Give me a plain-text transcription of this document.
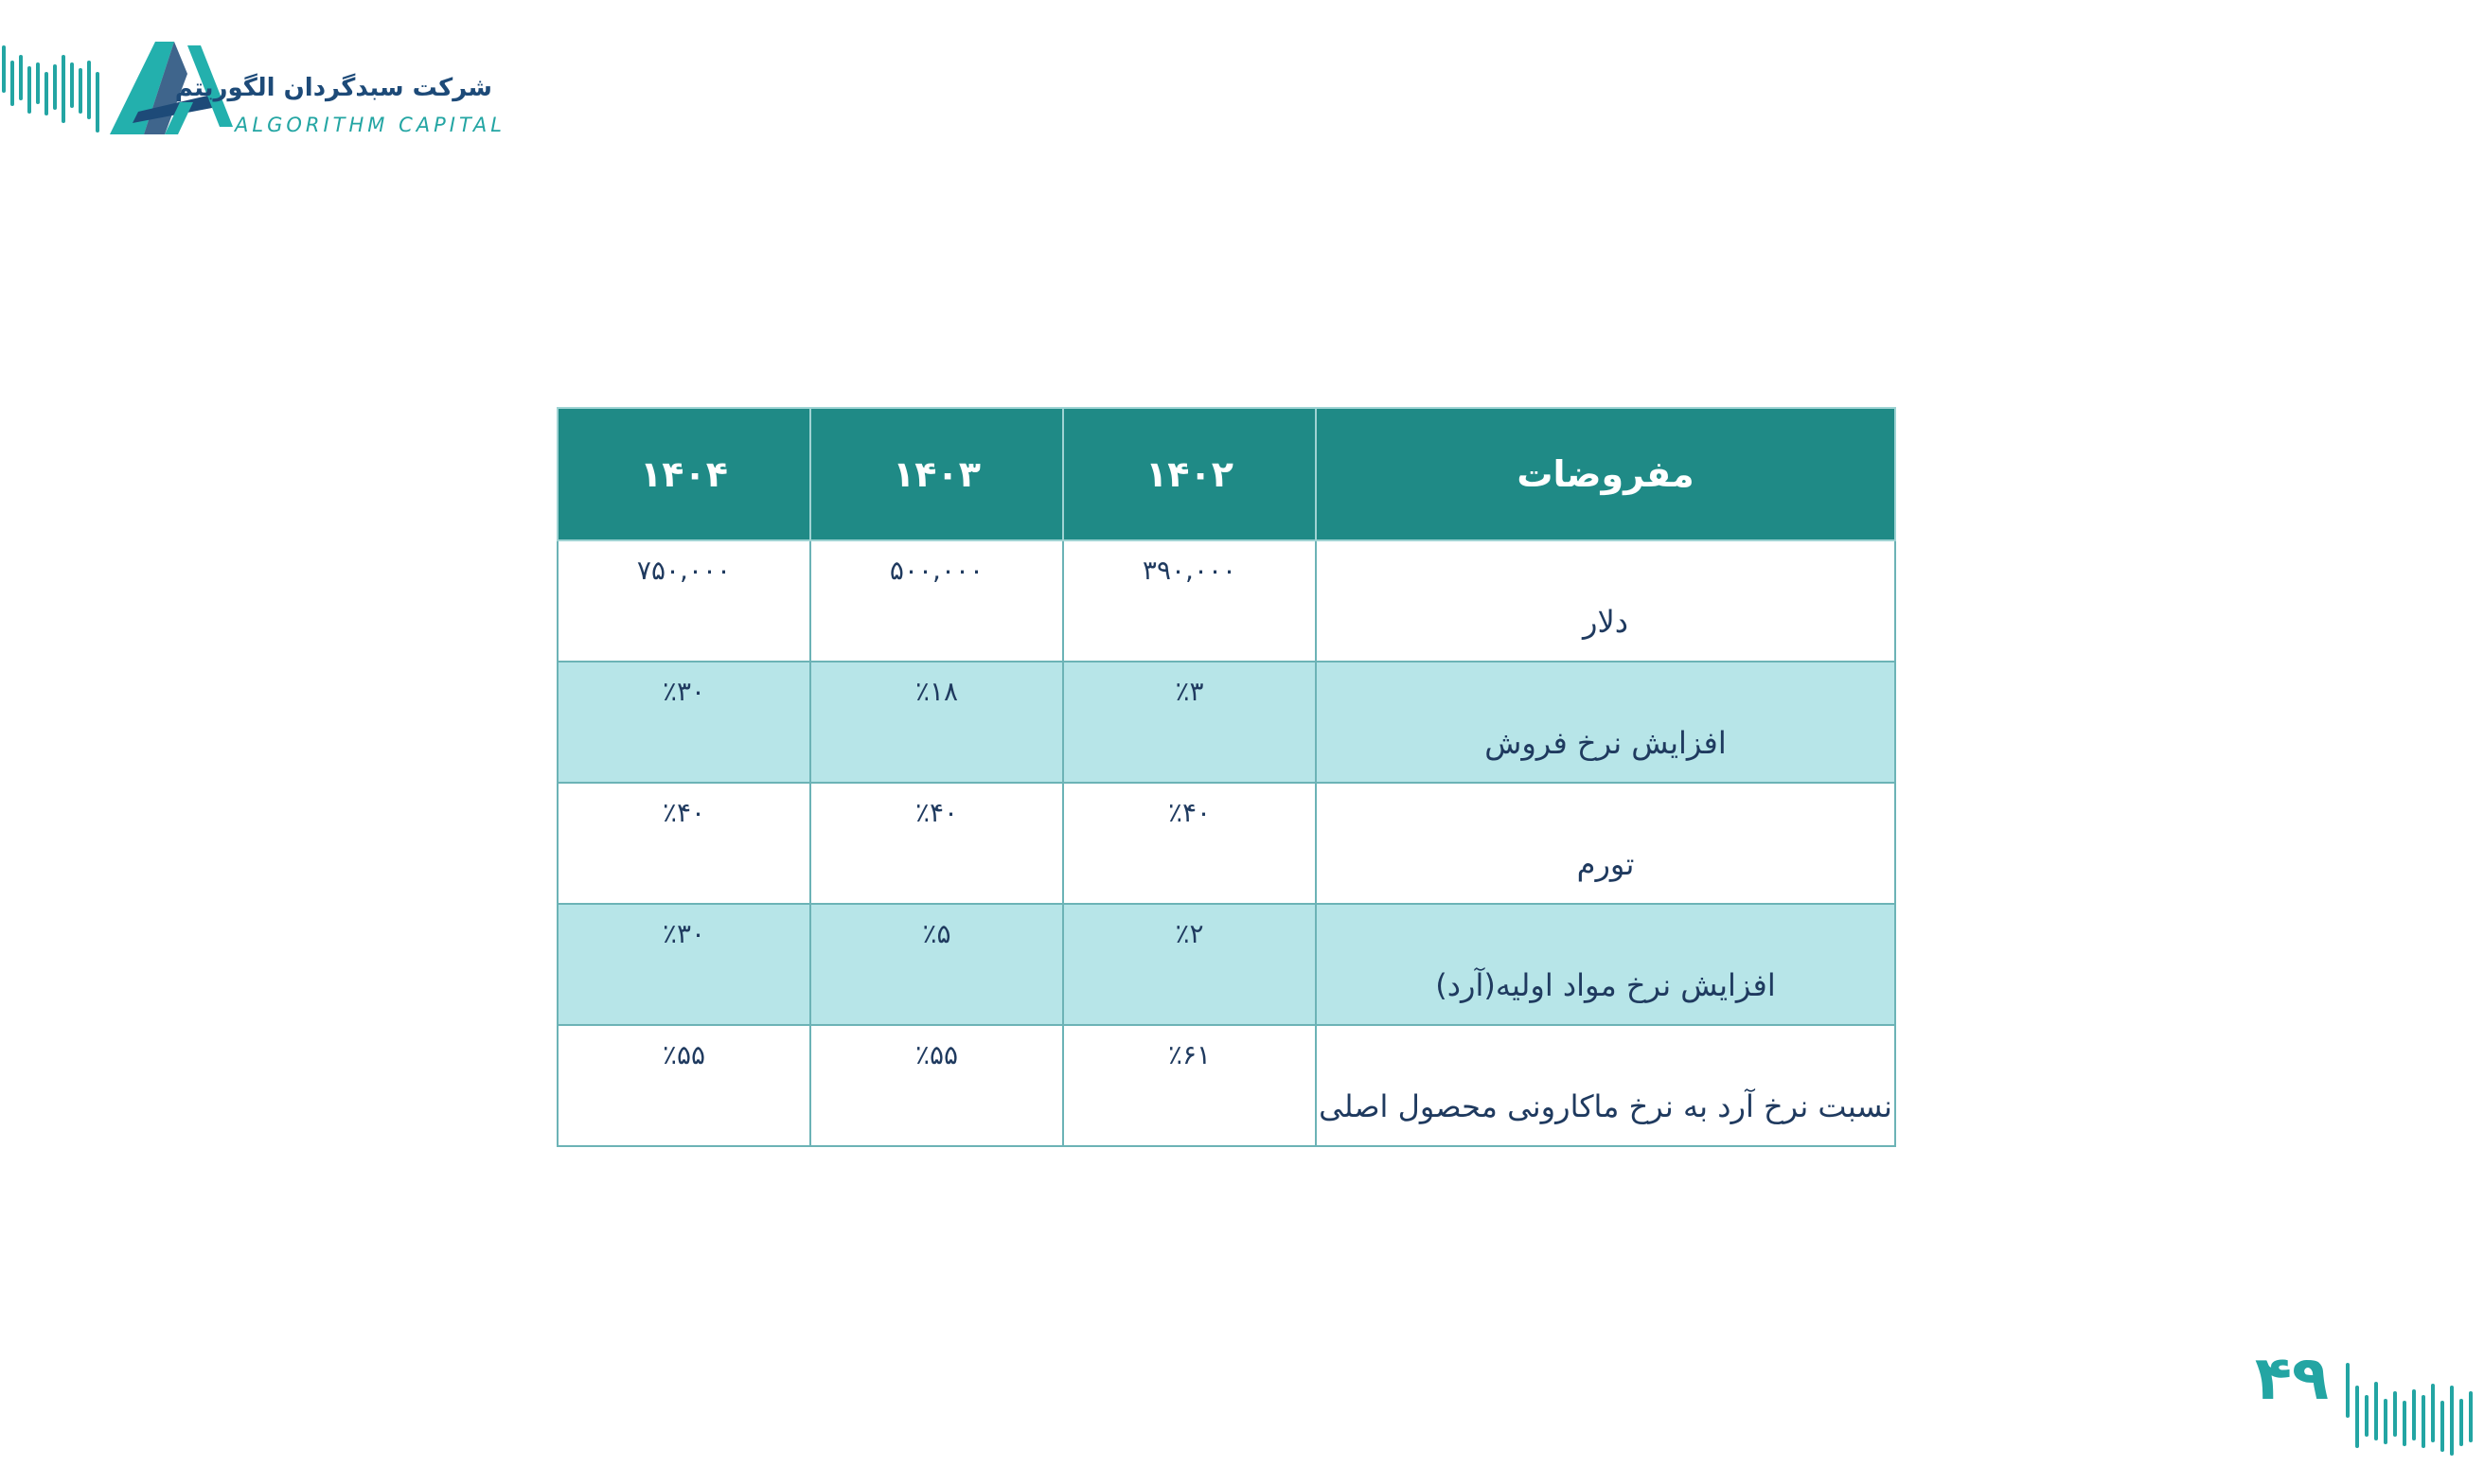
شرکت سبدگردان الگوریتم
ALGORITHM CAPITAL
مفروضات	۱۴۰۲	۱۴۰۳	۱۴۰۴
دلار	۳۹۰,۰۰۰	۵۰۰,۰۰۰	۷۵۰,۰۰۰
افزایش نرخ فروش	٪۳	٪۱۸	٪۳۰
تورم	٪۴۰	٪۴۰	٪۴۰
افزایش نرخ مواد اولیه(آرد)	٪۲	٪۵	٪۳۰
نسبت نرخ آرد به نرخ ماکارونی محصول اصلی	٪۶۱	٪۵۵	٪۵۵
۴۹
